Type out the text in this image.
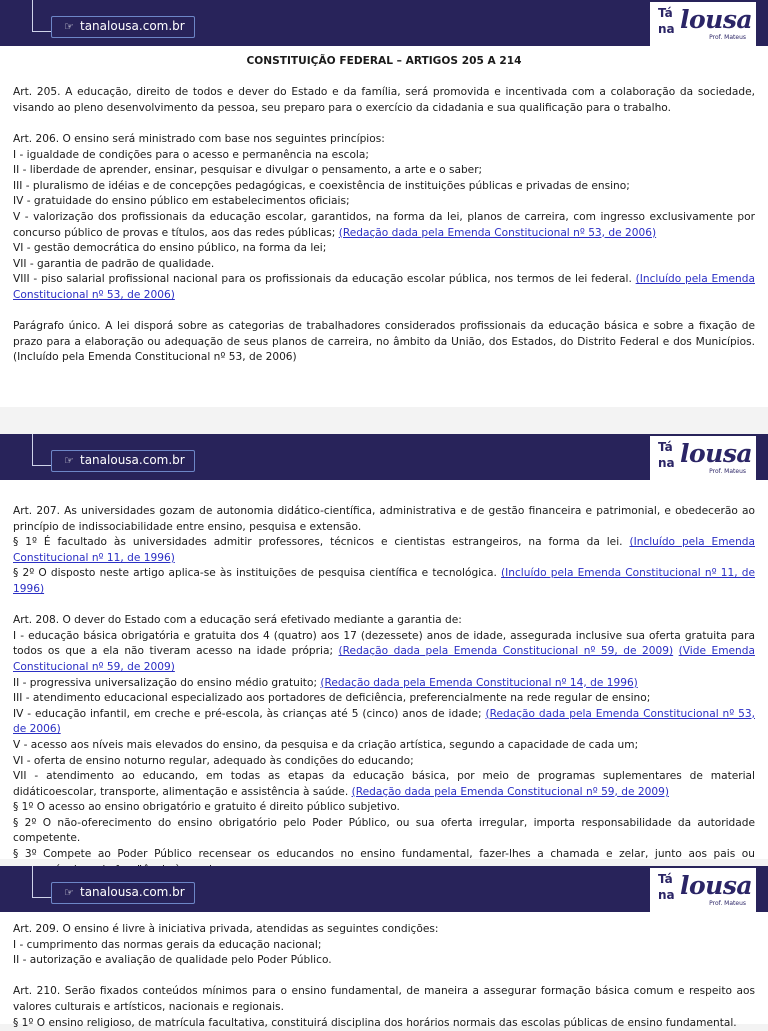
☞ tanalousa.com.br
Tá
na lousa
Prof. Mateus

CONSTITUIÇÃO FEDERAL – ARTIGOS 205 A 214

Art. 205. A educação, direito de todos e dever do Estado e da família, será promovida e incentivada com a colaboração da sociedade, visando ao pleno desenvolvimento da pessoa, seu preparo para o exercício da cidadania e sua qualificação para o trabalho.

Art. 206. O ensino será ministrado com base nos seguintes princípios:

I - igualdade de condições para o acesso e permanência na escola;

II - liberdade de aprender, ensinar, pesquisar e divulgar o pensamento, a arte e o saber;

III - pluralismo de idéias e de concepções pedagógicas, e coexistência de instituições públicas e privadas de ensino;

IV - gratuidade do ensino público em estabelecimentos oficiais;

V - valorização dos profissionais da educação escolar, garantidos, na forma da lei, planos de carreira, com ingresso exclusivamente por concurso público de provas e títulos, aos das redes públicas; (Redação dada pela Emenda Constitucional nº 53, de 2006)

VI - gestão democrática do ensino público, na forma da lei;

VII - garantia de padrão de qualidade.

VIII - piso salarial profissional nacional para os profissionais da educação escolar pública, nos termos de lei federal. (Incluído pela Emenda Constitucional nº 53, de 2006)

Parágrafo único. A lei disporá sobre as categorias de trabalhadores considerados profissionais da educação básica e sobre a fixação de prazo para a elaboração ou adequação de seus planos de carreira, no âmbito da União, dos Estados, do Distrito Federal e dos Municípios. (Incluído pela Emenda Constitucional nº 53, de 2006)

☞ tanalousa.com.br
Tá
na lousa
Prof. Mateus

Art. 207. As universidades gozam de autonomia didático-científica, administrativa e de gestão financeira e patrimonial, e obedecerão ao princípio de indissociabilidade entre ensino, pesquisa e extensão.

§ 1º É facultado às universidades admitir professores, técnicos e cientistas estrangeiros, na forma da lei. (Incluído pela Emenda Constitucional nº 11, de 1996)

§ 2º O disposto neste artigo aplica-se às instituições de pesquisa científica e tecnológica. (Incluído pela Emenda Constitucional nº 11, de 1996)

Art. 208. O dever do Estado com a educação será efetivado mediante a garantia de:

I - educação básica obrigatória e gratuita dos 4 (quatro) aos 17 (dezessete) anos de idade, assegurada inclusive sua oferta gratuita para todos os que a ela não tiveram acesso na idade própria; (Redação dada pela Emenda Constitucional nº 59, de 2009) (Vide Emenda Constitucional nº 59, de 2009)

II - progressiva universalização do ensino médio gratuito; (Redação dada pela Emenda Constitucional nº 14, de 1996)

III - atendimento educacional especializado aos portadores de deficiência, preferencialmente na rede regular de ensino;

IV - educação infantil, em creche e pré-escola, às crianças até 5 (cinco) anos de idade; (Redação dada pela Emenda Constitucional nº 53, de 2006)

V - acesso aos níveis mais elevados do ensino, da pesquisa e da criação artística, segundo a capacidade de cada um;

VI - oferta de ensino noturno regular, adequado às condições do educando;

VII - atendimento ao educando, em todas as etapas da educação básica, por meio de programas suplementares de material didáticoescolar, transporte, alimentação e assistência à saúde. (Redação dada pela Emenda Constitucional nº 59, de 2009)

§ 1º O acesso ao ensino obrigatório e gratuito é direito público subjetivo.

§ 2º O não-oferecimento do ensino obrigatório pelo Poder Público, ou sua oferta irregular, importa responsabilidade da autoridade competente.

§ 3º Compete ao Poder Público recensear os educandos no ensino fundamental, fazer-lhes a chamada e zelar, junto aos pais ou

☞ tanalousa.com.br
Tá
na lousa
Prof. Mateus

Art. 209. O ensino é livre à iniciativa privada, atendidas as seguintes condições:

I - cumprimento das normas gerais da educação nacional;

II - autorização e avaliação de qualidade pelo Poder Público.

Art. 210. Serão fixados conteúdos mínimos para o ensino fundamental, de maneira a assegurar formação básica comum e respeito aos valores culturais e artísticos, nacionais e regionais.

§ 1º O ensino religioso, de matrícula facultativa, constituirá disciplina dos horários normais das escolas públicas de ensino fundamental.
